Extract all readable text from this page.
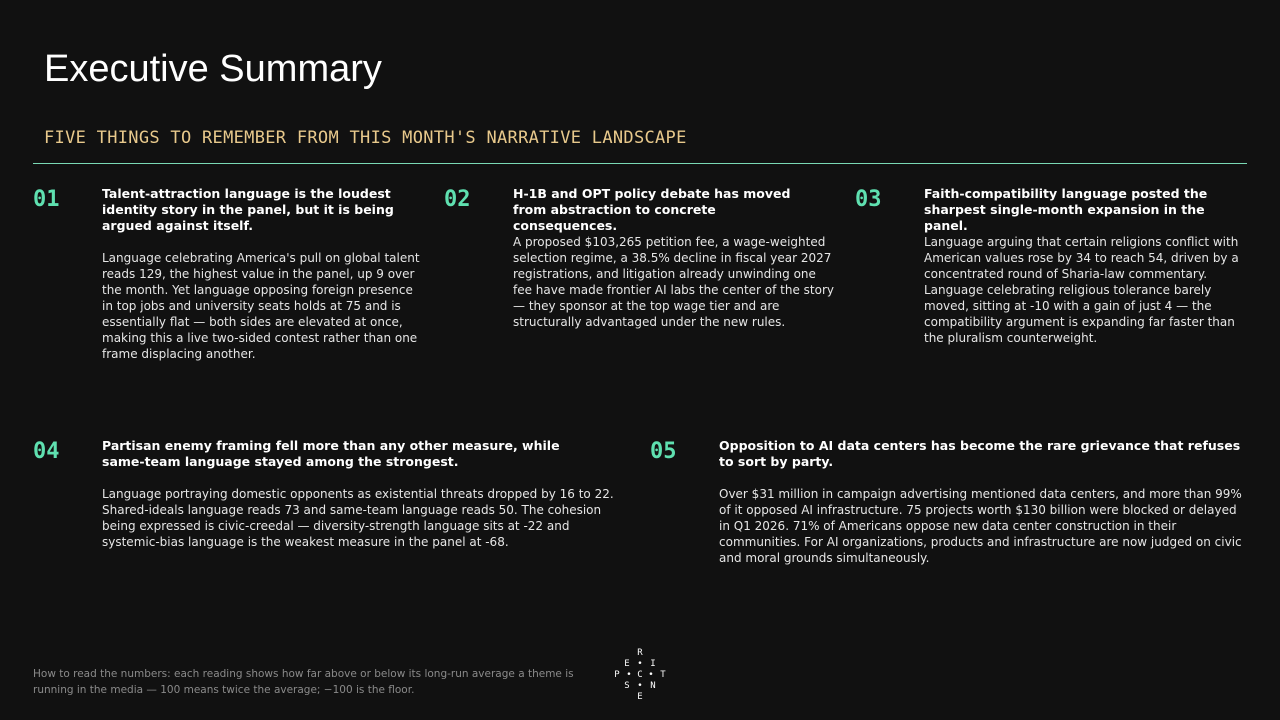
Executive Summary
FIVE THINGS TO REMEMBER FROM THIS MONTH'S NARRATIVE LANDSCAPE
01	Talent-attraction language is the loudest identity story in the panel, but it is being argued against itself.
Language celebrating America's pull on global talent reads 129, the highest value in the panel, up 9 over the month. Yet language opposing foreign presence in top jobs and university seats holds at 75 and is essentially flat — both sides are elevated at once, making this a live two-sided contest rather than one frame displacing another.
02	H-1B and OPT policy debate has moved from abstraction to concrete consequences.
A proposed $103,265 petition fee, a wage-weighted selection regime, a 38.5% decline in fiscal year 2027 registrations, and litigation already unwinding one fee have made frontier AI labs the center of the story — they sponsor at the top wage tier and are structurally advantaged under the new rules.
03	Faith-compatibility language posted the sharpest single-month expansion in the panel.
Language arguing that certain religions conflict with American values rose by 34 to reach 54, driven by a concentrated round of Sharia-law commentary. Language celebrating religious tolerance barely moved, sitting at -10 with a gain of just 4 — the compatibility argument is expanding far faster than the pluralism counterweight.
04	Partisan enemy framing fell more than any other measure, while same-team language stayed among the strongest.
Language portraying domestic opponents as existential threats dropped by 16 to 22. Shared-ideals language reads 73 and same-team language reads 50. The cohesion being expressed is civic-creedal — diversity-strength language sits at -22 and systemic-bias language is the weakest measure in the panel at -68.
05	Opposition to AI data centers has become the rare grievance that refuses to sort by party.
Over $31 million in campaign advertising mentioned data centers, and more than 99% of it opposed AI infrastructure. 75 projects worth $130 billion were blocked or delayed in Q1 2026. 71% of Americans oppose new data center construction in their communities. For AI organizations, products and infrastructure are now judged on civic and moral grounds simultaneously.
How to read the numbers: each reading shows how far above or below its long-run average a theme is running in the media — 100 means twice the average; −100 is the floor.
R
E • I
P • C • T
S • N
E
